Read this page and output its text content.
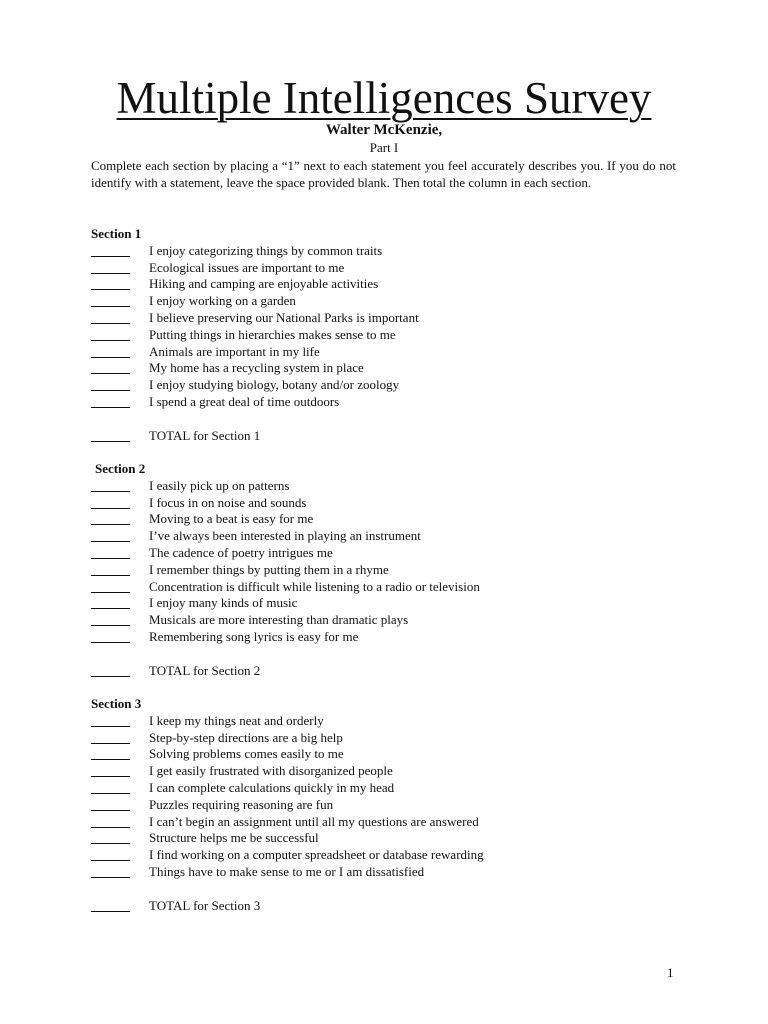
Multiple Intelligences Survey
Walter McKenzie,
Part I
Complete each section by placing a “1” next to each statement you feel accurately describes you. If you do not identify with a statement, leave the space provided blank. Then total the column in each section.
Section 1
I enjoy categorizing things by common traits
Ecological issues are important to me
Hiking and camping are enjoyable activities
I enjoy working on a garden
I believe preserving our National Parks is important
Putting things in hierarchies makes sense to me
Animals are important in my life
My home has a recycling system in place
I enjoy studying biology, botany and/or zoology
I spend a great deal of time outdoors
TOTAL for Section 1
Section 2
I easily pick up on patterns
I focus in on noise and sounds
Moving to a beat is easy for me
I’ve always been interested in playing an instrument
The cadence of poetry intrigues me
I remember things by putting them in a rhyme
Concentration is difficult while listening to a radio or television
I enjoy many kinds of music
Musicals are more interesting than dramatic plays
Remembering song lyrics is easy for me
TOTAL for Section 2
Section 3
I keep my things neat and orderly
Step-by-step directions are a big help
Solving problems comes easily to me
I get easily frustrated with disorganized people
I can complete calculations quickly in my head
Puzzles requiring reasoning are fun
I can’t begin an assignment until all my questions are answered
Structure helps me be successful
I find working on a computer spreadsheet or database rewarding
Things have to make sense to me or I am dissatisfied
TOTAL for Section 3
1
